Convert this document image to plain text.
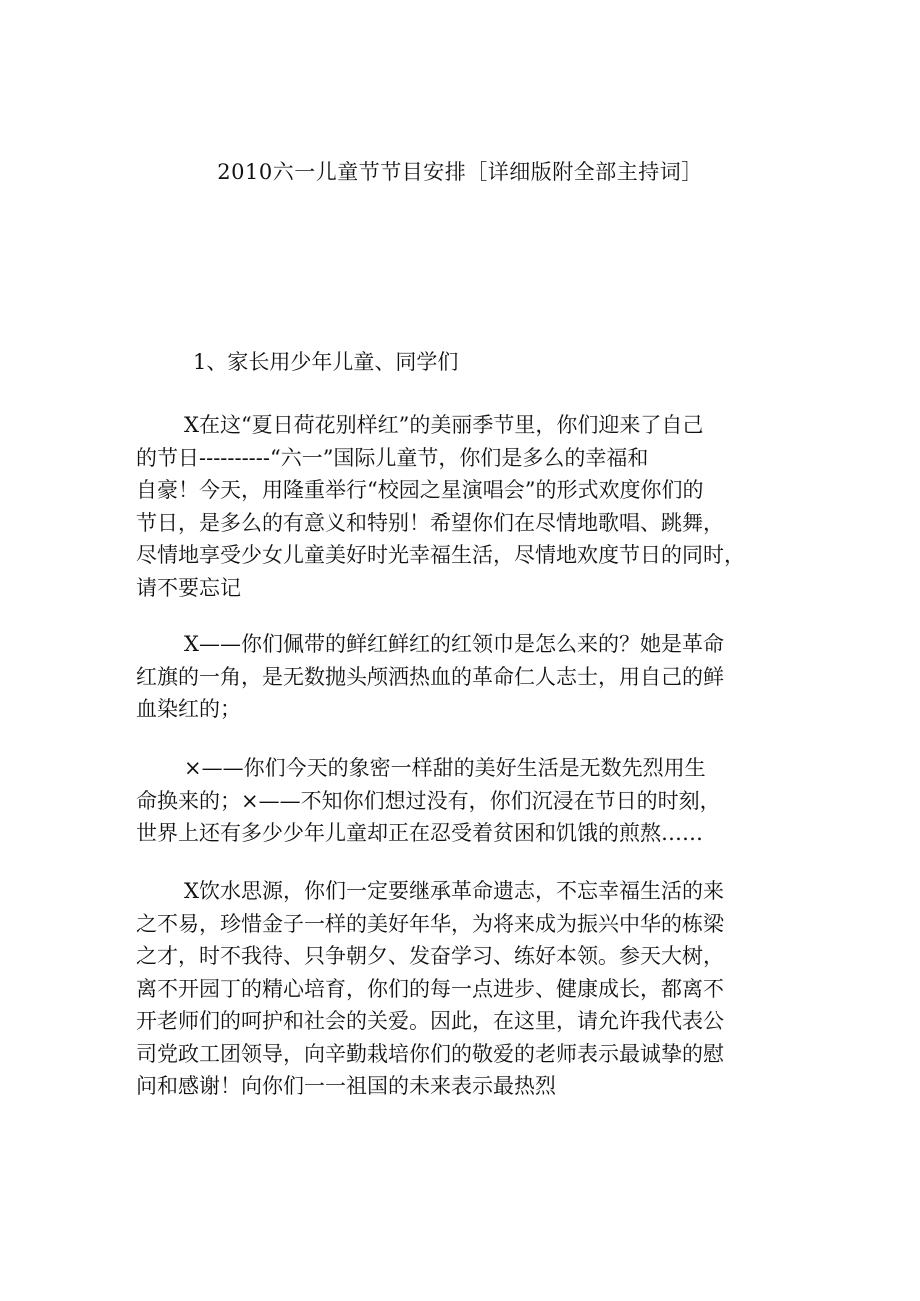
2010六一儿童节节目安排［详细版附全部主持词］

1、家长用少年儿童、同学们

X在这“夏日荷花别样红”的美丽季节里，你们迎来了自己
的节日----------“六一”国际儿童节，你们是多么的幸福和
自豪！今天，用隆重举行“校园之星演唱会”的形式欢度你们的
节日，是多么的有意义和特别！希望你们在尽情地歌唱、跳舞，
尽情地享受少女儿童美好时光幸福生活，尽情地欢度节日的同时，
请不要忘记

X——你们佩带的鲜红鲜红的红领巾是怎么来的？她是革命
红旗的一角，是无数抛头颅洒热血的革命仁人志士，用自己的鲜
血染红的；

×——你们今天的象密一样甜的美好生活是无数先烈用生
命换来的；×——不知你们想过没有，你们沉浸在节日的时刻，
世界上还有多少少年儿童却正在忍受着贫困和饥饿的煎熬……

X饮水思源，你们一定要继承革命遗志，不忘幸福生活的来
之不易，珍惜金子一样的美好年华，为将来成为振兴中华的栋梁
之才，时不我待、只争朝夕、发奋学习、练好本领。参天大树，
离不开园丁的精心培育，你们的每一点进步、健康成长，都离不
开老师们的呵护和社会的关爱。因此，在这里，请允许我代表公
司党政工团领导，向辛勤栽培你们的敬爱的老师表示最诚挚的慰
问和感谢！向你们一一祖国的未来表示最热烈
